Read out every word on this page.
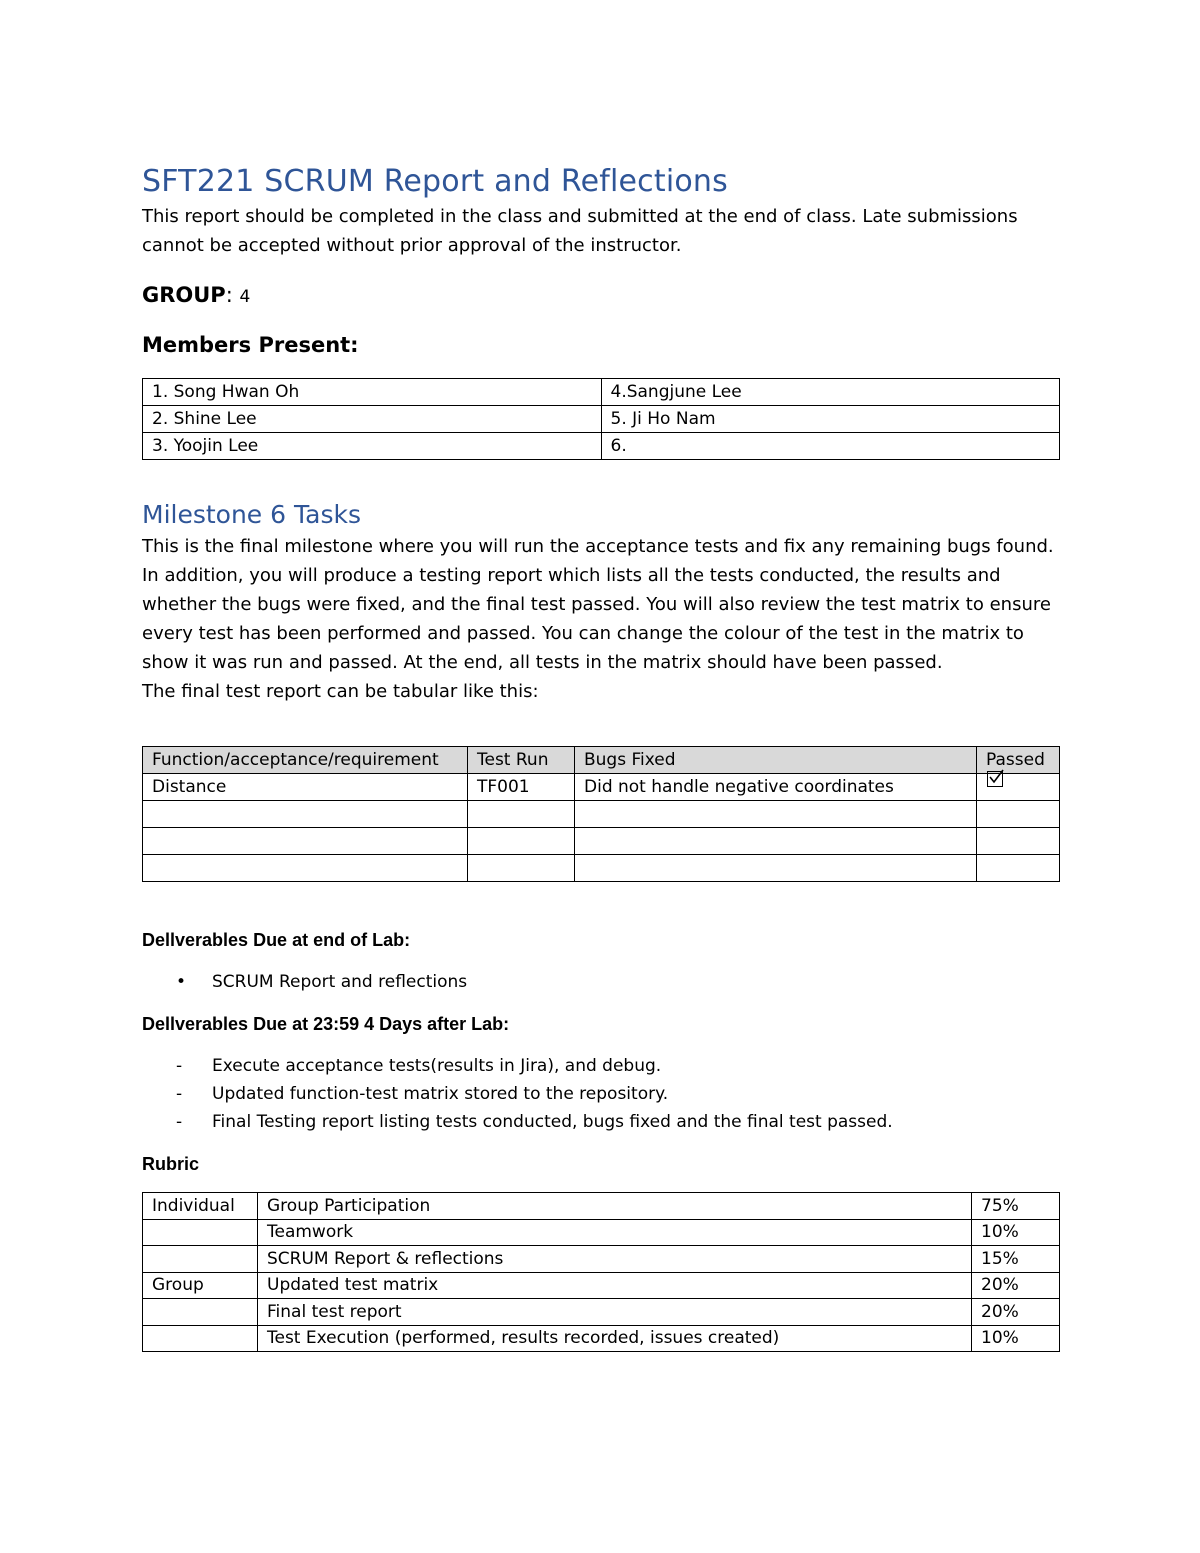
SFT221 SCRUM Report and Reflections

This report should be completed in the class and submitted at the end of class. Late submissions cannot be accepted without prior approval of the instructor.

GROUP: 4
Members Present:
1. Song Hwan Oh	4.Sangjune Lee
2. Shine Lee	5. Ji Ho Nam
3. Yoojin Lee	6.
Milestone 6 Tasks

This is the final milestone where you will run the acceptance tests and fix any remaining bugs found. In addition, you will produce a testing report which lists all the tests conducted, the results and whether the bugs were fixed, and the final test passed. You will also review the test matrix to ensure every test has been performed and passed. You can change the colour of the test in the matrix to show it was run and passed. At the end, all tests in the matrix should have been passed.

The final test report can be tabular like this:

Function/acceptance/requirement	Test Run	Bugs Fixed	Passed
Distance	TF001	Did not handle negative coordinates	

Dellverables Due at end of Lab:
• SCRUM Report and reflections
Dellverables Due at 23:59 4 Days after Lab:
- Execute acceptance tests(results in Jira), and debug.
- Updated function-test matrix stored to the repository.
- Final Testing report listing tests conducted, bugs fixed and the final test passed.
Rubric
Individual	Group Participation	75%
	Teamwork	10%
	SCRUM Report & reflections	15%
Group	Updated test matrix	20%
	Final test report	20%
	Test Execution (performed, results recorded, issues created)	10%
